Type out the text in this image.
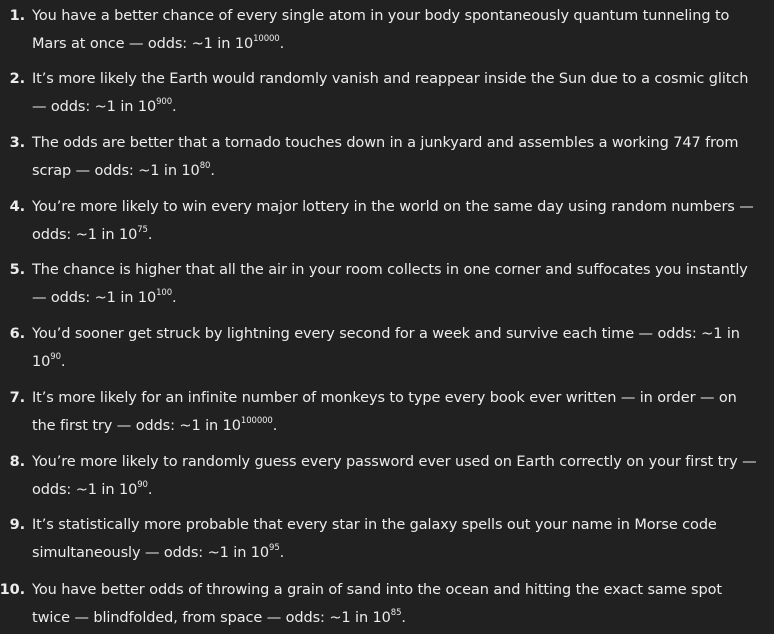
1. You have a better chance of every single atom in your body spontaneously quantum tunneling to
Mars at once — odds: ~1 in $10^{10000}$.
2. It’s more likely the Earth would randomly vanish and reappear inside the Sun due to a cosmic glitch
— odds: ~1 in $10^{900}$.
3. The odds are better that a tornado touches down in a junkyard and assembles a working 747 from
scrap — odds: ~1 in $10^{80}$.
4. You’re more likely to win every major lottery in the world on the same day using random numbers —
odds: ~1 in $10^{75}$.
5. The chance is higher that all the air in your room collects in one corner and suffocates you instantly
— odds: ~1 in $10^{100}$.
6. You’d sooner get struck by lightning every second for a week and survive each time — odds: ~1 in
$10^{90}$.
7. It’s more likely for an infinite number of monkeys to type every book ever written — in order — on
the first try — odds: ~1 in $10^{100000}$.
8. You’re more likely to randomly guess every password ever used on Earth correctly on your first try —
odds: ~1 in $10^{90}$.
9. It’s statistically more probable that every star in the galaxy spells out your name in Morse code
simultaneously — odds: ~1 in $10^{95}$.
10. You have better odds of throwing a grain of sand into the ocean and hitting the exact same spot
twice — blindfolded, from space — odds: ~1 in $10^{85}$.
